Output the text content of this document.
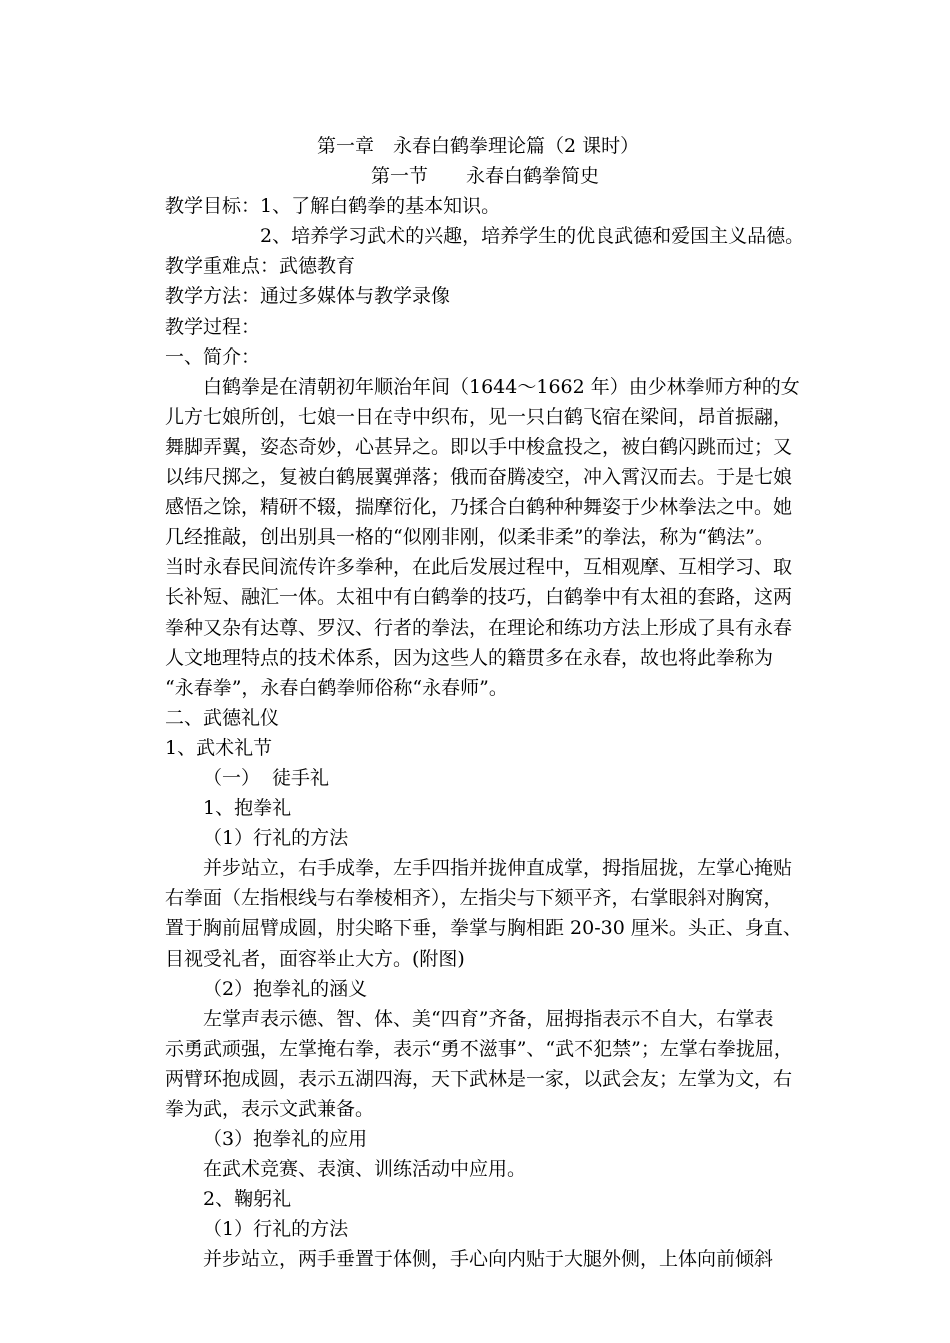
第一章　永春白鹤拳理论篇（2 课时）
第一节 永春白鹤拳简史
教学目标：1、了解白鹤拳的基本知识。
2、培养学习武术的兴趣，培养学生的优良武德和爱国主义品德。
教学重难点：武德教育
教学方法：通过多媒体与教学录像
教学过程：
一、简介：
白鹤拳是在清朝初年顺治年间（1644～1662 年）由少林拳师方种的女
儿方七娘所创，七娘一日在寺中织布，见一只白鹤飞宿在梁间，昂首振翮，
舞脚弄翼，姿态奇妙，心甚异之。即以手中梭盒投之，被白鹤闪跳而过；又
以纬尺掷之，复被白鹤展翼弹落；俄而奋腾凌空，冲入霄汉而去。于是七娘
感悟之馀，精研不辍，揣摩衍化，乃揉合白鹤种种舞姿于少林拳法之中。她
几经推敲，创出别具一格的“似刚非刚，似柔非柔”的拳法，称为“鹤法”。
当时永春民间流传许多拳种，在此后发展过程中，互相观摩、互相学习、取
长补短、融汇一体。太祖中有白鹤拳的技巧，白鹤拳中有太祖的套路，这两
拳种又杂有达尊、罗汉、行者的拳法，在理论和练功方法上形成了具有永春
人文地理特点的技术体系，因为这些人的籍贯多在永春，故也将此拳称为
“永春拳”，永春白鹤拳师俗称“永春师”。
二、武德礼仪
1、武术礼节
（一） 徒手礼
1、抱拳礼
（1）行礼的方法
并步站立，右手成拳，左手四指并拢伸直成掌，拇指屈拢，左掌心掩贴
右拳面（左指根线与右拳棱相齐），左指尖与下颏平齐，右掌眼斜对胸窝，
置于胸前屈臂成圆，肘尖略下垂，拳掌与胸相距 20-30 厘米。头正、身直、
目视受礼者，面容举止大方。(附图)
（2）抱拳礼的涵义
左掌声表示德、智、体、美“四育”齐备，屈拇指表示不自大，右掌表
示勇武顽强，左掌掩右拳，表示“勇不滋事”、“武不犯禁”；左掌右拳拢屈，
两臂环抱成圆，表示五湖四海，天下武林是一家，以武会友；左掌为文，右
拳为武，表示文武兼备。
（3）抱拳礼的应用
在武术竞赛、表演、训练活动中应用。
2、鞠躬礼
（1）行礼的方法
并步站立，两手垂置于体侧，手心向内贴于大腿外侧，上体向前倾斜
